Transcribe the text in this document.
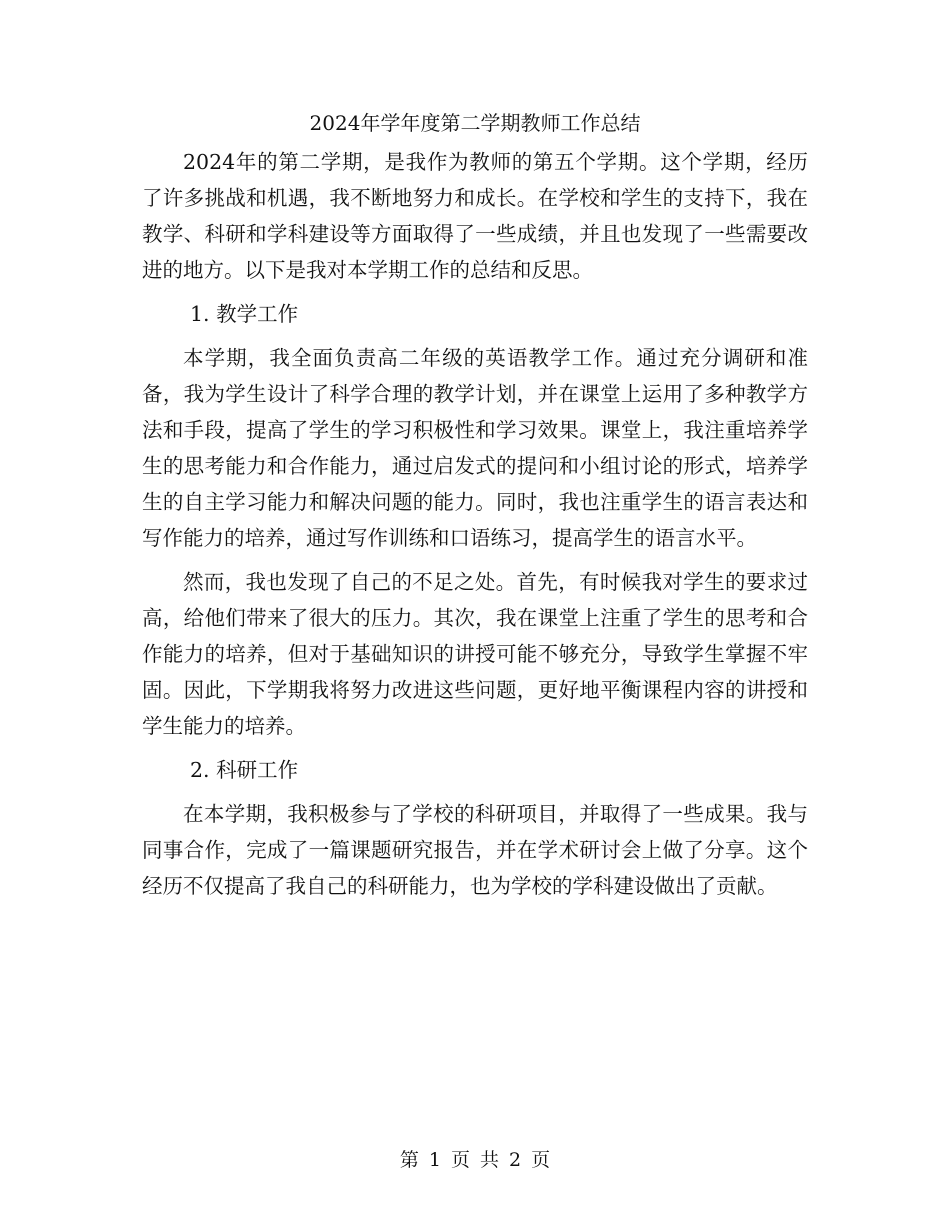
2024年学年度第二学期教师工作总结

2024年的第二学期，是我作为教师的第五个学期。这个学期，经历了许多挑战和机遇，我不断地努力和成长。在学校和学生的支持下，我在教学、科研和学科建设等方面取得了一些成绩，并且也发现了一些需要改进的地方。以下是我对本学期工作的总结和反思。

1. 教学工作

本学期，我全面负责高二年级的英语教学工作。通过充分调研和准备，我为学生设计了科学合理的教学计划，并在课堂上运用了多种教学方法和手段，提高了学生的学习积极性和学习效果。课堂上，我注重培养学生的思考能力和合作能力，通过启发式的提问和小组讨论的形式，培养学生的自主学习能力和解决问题的能力。同时，我也注重学生的语言表达和写作能力的培养，通过写作训练和口语练习，提高学生的语言水平。

然而，我也发现了自己的不足之处。首先，有时候我对学生的要求过高，给他们带来了很大的压力。其次，我在课堂上注重了学生的思考和合作能力的培养，但对于基础知识的讲授可能不够充分，导致学生掌握不牢固。因此，下学期我将努力改进这些问题，更好地平衡课程内容的讲授和学生能力的培养。

2. 科研工作

在本学期，我积极参与了学校的科研项目，并取得了一些成果。我与同事合作，完成了一篇课题研究报告，并在学术研讨会上做了分享。这个经历不仅提高了我自己的科研能力，也为学校的学科建设做出了贡献。

第 1 页 共 2 页
